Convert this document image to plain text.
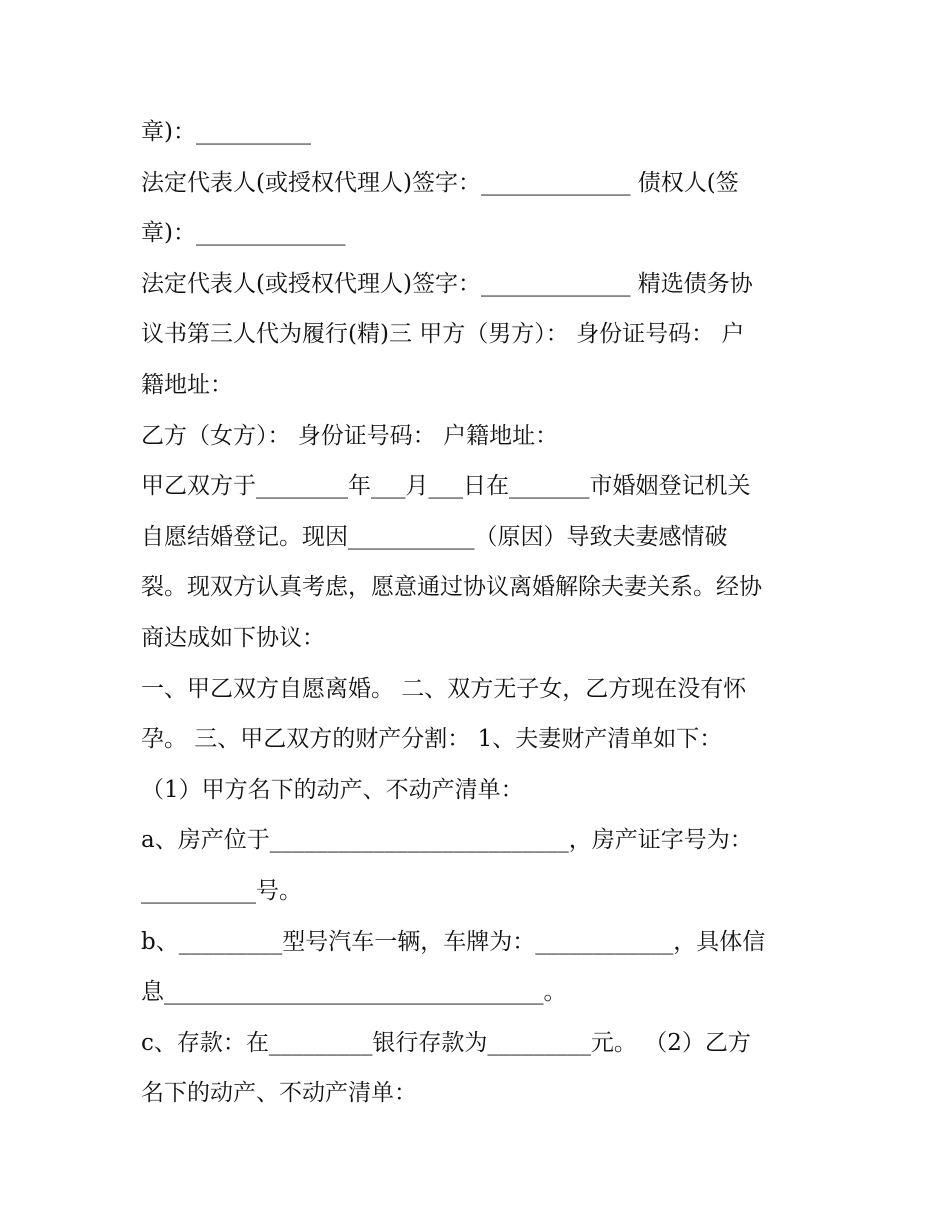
章)：__________
法定代表人(或授权代理人)签字：_____________ 债权人(签
章)：_____________
法定代表人(或授权代理人)签字：_____________ 精选债务协
议书第三人代为履行(精)三 甲方（男方）： 身份证号码： 户
籍地址：
乙方（女方）： 身份证号码： 户籍地址：
甲乙双方于________年___月___日在_______市婚姻登记机关
自愿结婚登记。现因___________（原因）导致夫妻感情破
裂。现双方认真考虑，愿意通过协议离婚解除夫妻关系。经协
商达成如下协议：
一、甲乙双方自愿离婚。 二、双方无子女，乙方现在没有怀
孕。 三、甲乙双方的财产分割： 1、夫妻财产清单如下：
（1）甲方名下的动产、不动产清单：
a、房产位于__________________________，房产证字号为：
__________号。
b、_________型号汽车一辆，车牌为：____________，具体信
息_________________________________。
c、存款：在_________银行存款为_________元。 （2）乙方
名下的动产、不动产清单：
